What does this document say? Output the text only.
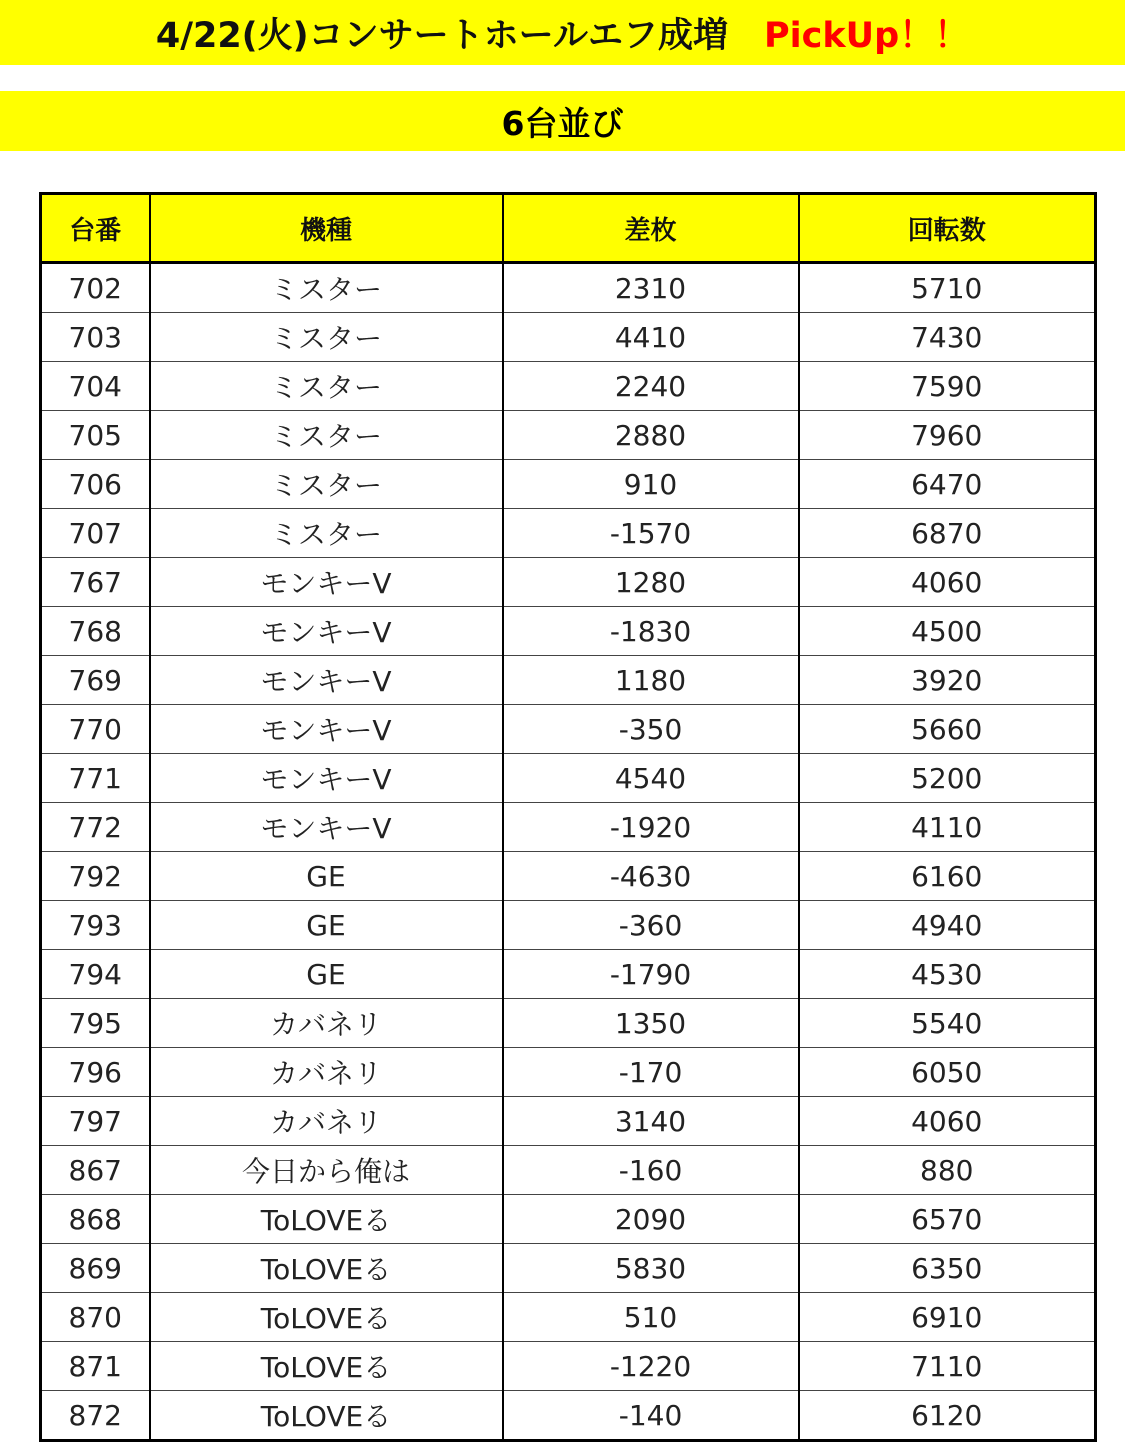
4/22(火)コンサートホールエフ成増 PickUp！！
6台並び
台番	機種	差枚	回転数
702	ミスター	2310	5710
703	ミスター	4410	7430
704	ミスター	2240	7590
705	ミスター	2880	7960
706	ミスター	910	6470
707	ミスター	-1570	6870
767	モンキーV	1280	4060
768	モンキーV	-1830	4500
769	モンキーV	1180	3920
770	モンキーV	-350	5660
771	モンキーV	4540	5200
772	モンキーV	-1920	4110
792	GE	-4630	6160
793	GE	-360	4940
794	GE	-1790	4530
795	カバネリ	1350	5540
796	カバネリ	-170	6050
797	カバネリ	3140	4060
867	今日から俺は	-160	880
868	ToLOVEる	2090	6570
869	ToLOVEる	5830	6350
870	ToLOVEる	510	6910
871	ToLOVEる	-1220	7110
872	ToLOVEる	-140	6120
